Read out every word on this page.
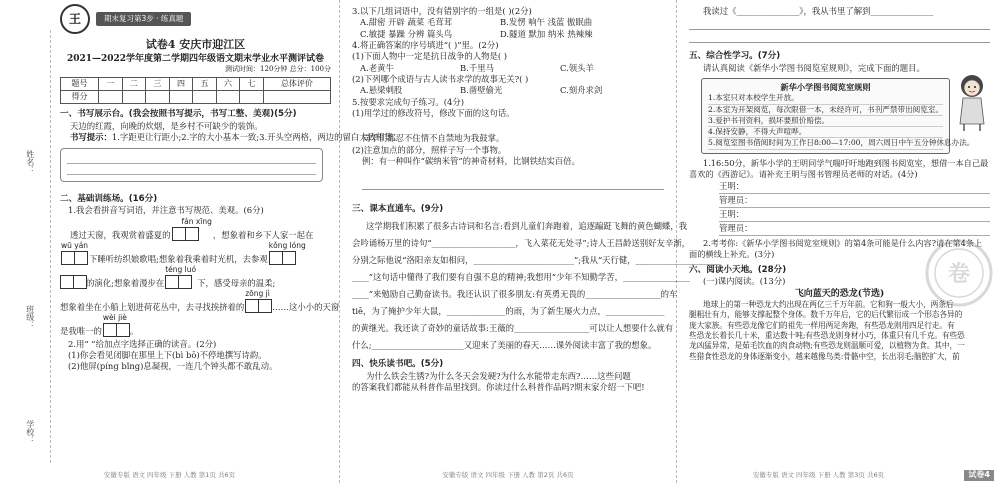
姓名：
班级：
学校：
王	期末复习第3步 · 练真题
试卷4 安庆市迎江区
2021—2022学年度第二学期四年级语文期末学业水平测评试卷
测试时间：120分钟 总分：100分
题号	一	二	三	四	五	六	七	总体评价
得分								
一、书写展示台。(我会按照书写提示，书写工整、美观)(5分)
天边的红霞，向晚的炊烟，是乡村不可缺少的装饰。
书写提示：1.字距更让行距小;2.字的大小基本一致;3.开头空两格，两边的留白大致相等。
二、基础训练场。(16分)
1.我会看拼音写词语，并注意书写规范、美观。(6分)
透过天窗，我观赏着盛夏的
fán xīng
，想象着和乡下人家一起在
wū yán
下睡听纺织娘歌唱;想象着我乘着时光机，去参观
kǒng lóng
的演化;想象着漫步在
téng luó
下，感受母亲的温柔;
想象着坐在小船上划进荷花丛中，去寻找挨挤着的
zōng jì
……这小小的天窗
是我唯一的
wèi jiè
。
2.用“ ”给加点字选择正确的读音。(2分)
(1)你会看见闭脚在那里上下(bì bō)不停地撰写诗韵。
(2)他屏(píng bǐng)息凝视，一连几个钟头都不敢乱动。
安徽专版 语文 四年级 下册 人教 第1页 共6页
3.以下几组词语中，没有错别字的一组是( )(2分)
A.甜密 开辟 蔬菜 毛茸茸	B.发愣 响午 浅蓝 傲眠曲
C.敏捷 暴躁 分辨 篇头鸟	D.隧道 默加 纳米 热辣辣
4.将正确答案的序号填进“( )”里。(2分)
(1)下面人物中一定是抗日战争的人物是( )
A.老黄牛	B.千里马	C.领头羊
(2)下列哪个成语与古人读书求学的故事无关?( )
A.悬梁刺股	B.凿壁偷光	C.刻舟求剑
5.按要求完成句子练习。(4分)
(1)用学过的修改符号，修改下面的这句话。
同学们都忍不住情不自禁地为我鼓掌。
(2)注意加点的部分，照样子写一个事物。
例：有一种叫作“碳纳米管”的神奇材料，比钢铁结实百倍。
三、课本直通车。(9分)
这学期我们积累了很多古诗词和名言:看到儿童们奔跑着，追逐蹁跹飞舞的黄色蝴蝶，我
会吟诵杨万里的诗句“____________________，飞入菜花无处寻”;诗人王昌龄送别好友辛渐，
分别之际他说“洛阳亲友如相问，________________________”;我从“天行健，____________________
____”这句话中懂得了我们要有自强不息的精神;我想用“少年不知勤学苦，________________
____”来勉励自己勤奋读书。我还认识了很多朋友:有英勇无畏的__________________的车
tiē，为了掩护少年大鼠，______________的雨，为了新生屡火力点，______________
的黄继光。我还读了奇妙的童话故事:王薇的__________________可以让人想要什么就有
什么;______________________又迎来了美丽的春天……课外阅读丰富了我的想象。
四、快乐读书吧。(5分)
为什么铁会生锈?为什么冬天会发硬?为什么水能带走东西?……这些问题
的答案我们都能从科普作品里找到。你读过什么科普作品吗?期末家介绍一下吧!
安徽专版 语文 四年级 下册 人教 第2页 共6页
我读过《_______________》，我从书里了解到_______________
五、综合性学习。(7分)
请认真阅读《新华小学图书阅览室规则》，完成下面的题目。
新华小学图书阅览室规则
1.本室只对本校学生开放。
2.本室为开架阅览，每次限借一本，未经许可，书刊严禁带出阅览室。
3.爱护书刊资料，损坏要照价赔偿。
4.保持安静，不得大声喧哗。
5.阅览室图书借阅时间为工作日8:00—17:00，周六周日中午五分钟休息办法。
1.16:50分，新华小学的王明同学气喘吁吁地跑到图书阅览室，想借一本自己最喜欢的《西游记》。请补充王明与图书管理员老师的对话。(4分)
王明：
管理员：
王明：
管理员：
2.考考你:《新华小学图书阅览室规则》的第4条可能是什么内容?请在第4条上面的横线上补充。(3分)
六、阅读小天地。(28分)
(一)课内阅读。(13分)
飞向蓝天的恐龙(节选)
地球上的第一种恐龙大约出现在两亿三千万年前。它和狗一般大小，两条后
腿粗壮有力，能够支撑起整个身体。数千万年后，它的后代繁衍成一个形态各异的
庞大家族。有些恐龙像它们的祖先一样用两足奔跑，有些恐龙则用四足行走。有
些恐龙长着长几十米，重达数十吨;有些恐龙则身材小巧，体重只有几千克。有些恐
龙凶猛异常，是茹毛饮血的肉食动物;有些恐龙则温顺可爱，以植物为食。其中，一
些猎食性恐龙的身体逐渐变小，越来越像鸟类:骨骼中空，长出羽毛;脑腔扩大，前
卷
安徽专版 语文 四年级 下册 人教 第3页 共6页	试卷4
